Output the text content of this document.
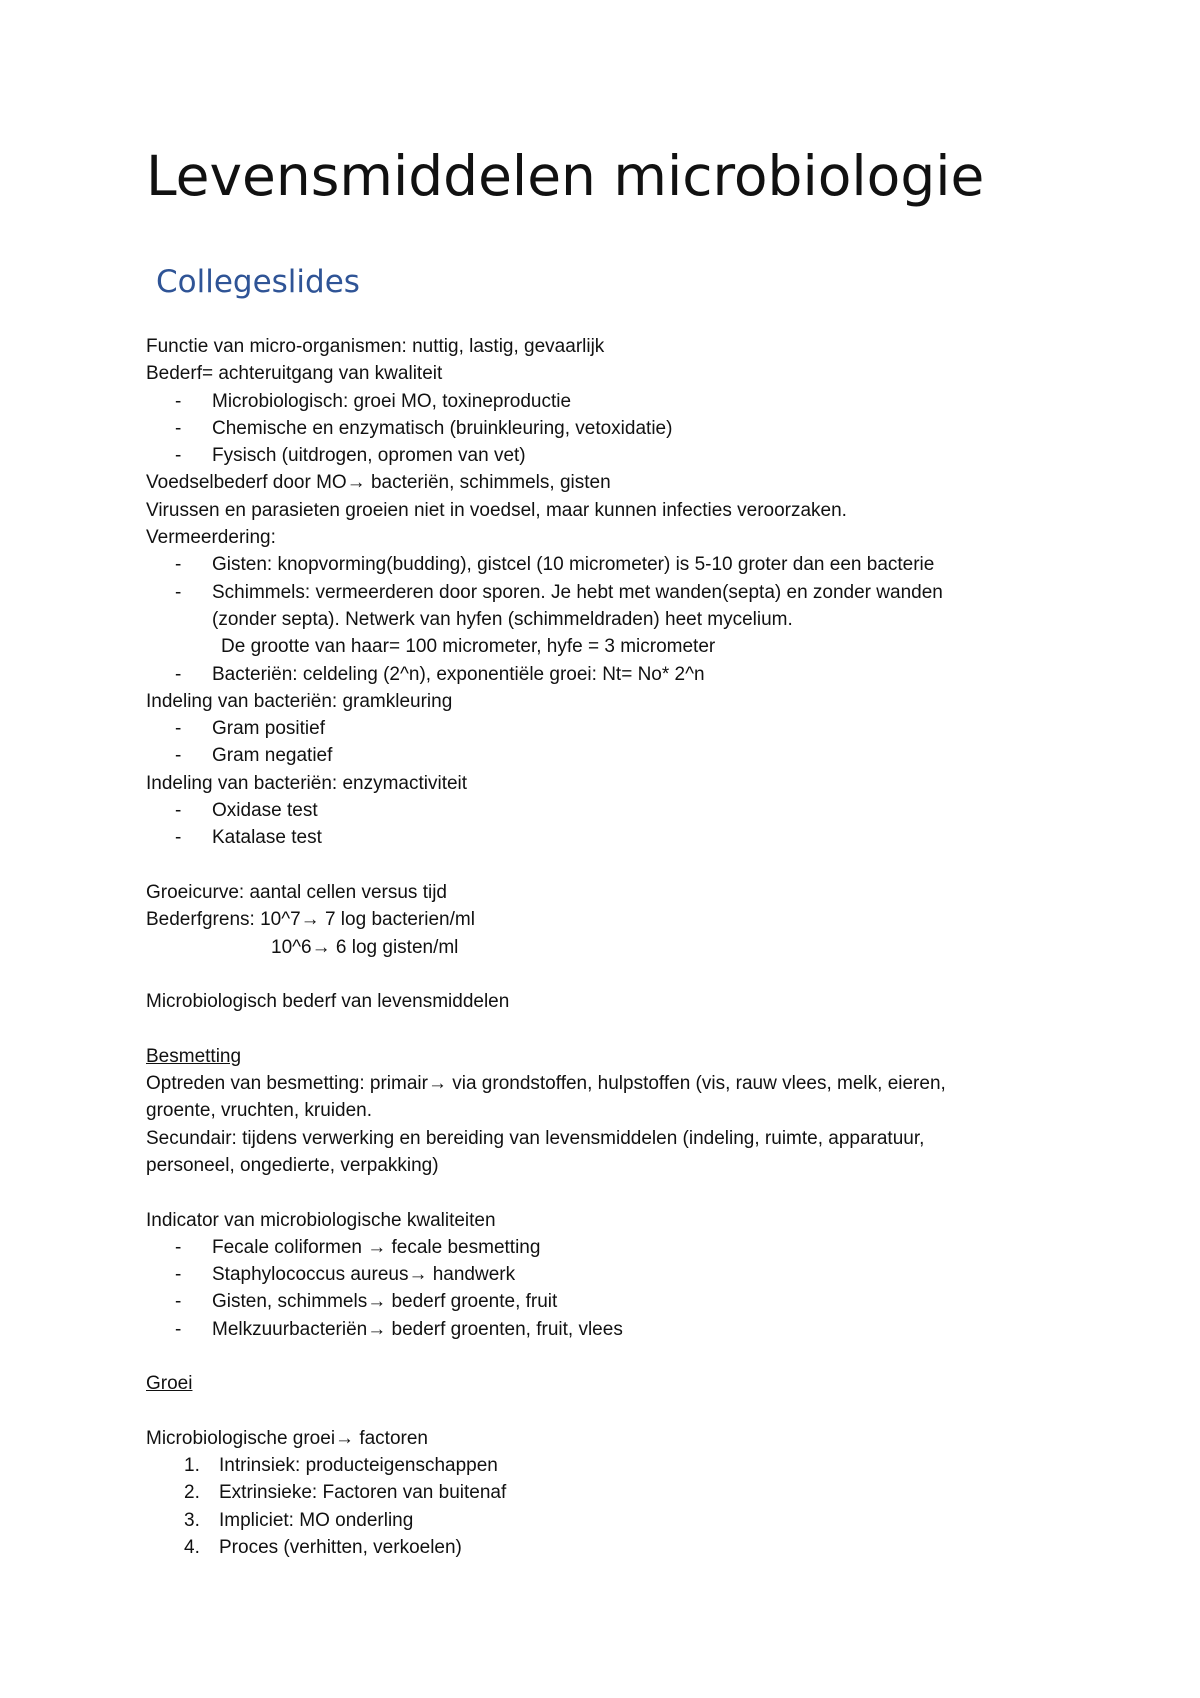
Levensmiddelen microbiologie
Collegeslides
Functie van micro-organismen: nuttig, lastig, gevaarlijk
Bederf= achteruitgang van kwaliteit
- Microbiologisch: groei MO, toxineproductie
- Chemische en enzymatisch (bruinkleuring, vetoxidatie)
- Fysisch (uitdrogen, opromen van vet)
Voedselbederf door MO→ bacteriën, schimmels, gisten
Virussen en parasieten groeien niet in voedsel, maar kunnen infecties veroorzaken.
Vermeerdering:
- Gisten: knopvorming(budding), gistcel (10 micrometer) is 5-10 groter dan een bacterie
- Schimmels: vermeerderen door sporen. Je hebt met wanden(septa) en zonder wanden
(zonder septa). Netwerk van hyfen (schimmeldraden) heet mycelium.
De grootte van haar= 100 micrometer, hyfe = 3 micrometer
- Bacteriën: celdeling (2^n), exponentiële groei: Nt= No* 2^n
Indeling van bacteriën: gramkleuring
- Gram positief
- Gram negatief
Indeling van bacteriën: enzymactiviteit
- Oxidase test
- Katalase test
Groeicurve: aantal cellen versus tijd
Bederfgrens: 10^7→ 7 log bacterien/ml
10^6→ 6 log gisten/ml
Microbiologisch bederf van levensmiddelen
Besmetting
Optreden van besmetting: primair→ via grondstoffen, hulpstoffen (vis, rauw vlees, melk, eieren,
groente, vruchten, kruiden.
Secundair: tijdens verwerking en bereiding van levensmiddelen (indeling, ruimte, apparatuur,
personeel, ongedierte, verpakking)
Indicator van microbiologische kwaliteiten
- Fecale coliformen → fecale besmetting
- Staphylococcus aureus→ handwerk
- Gisten, schimmels→ bederf groente, fruit
- Melkzuurbacteriën→ bederf groenten, fruit, vlees
Groei
Microbiologische groei→ factoren
1. Intrinsiek: producteigenschappen
2. Extrinsieke: Factoren van buitenaf
3. Impliciet: MO onderling
4. Proces (verhitten, verkoelen)
